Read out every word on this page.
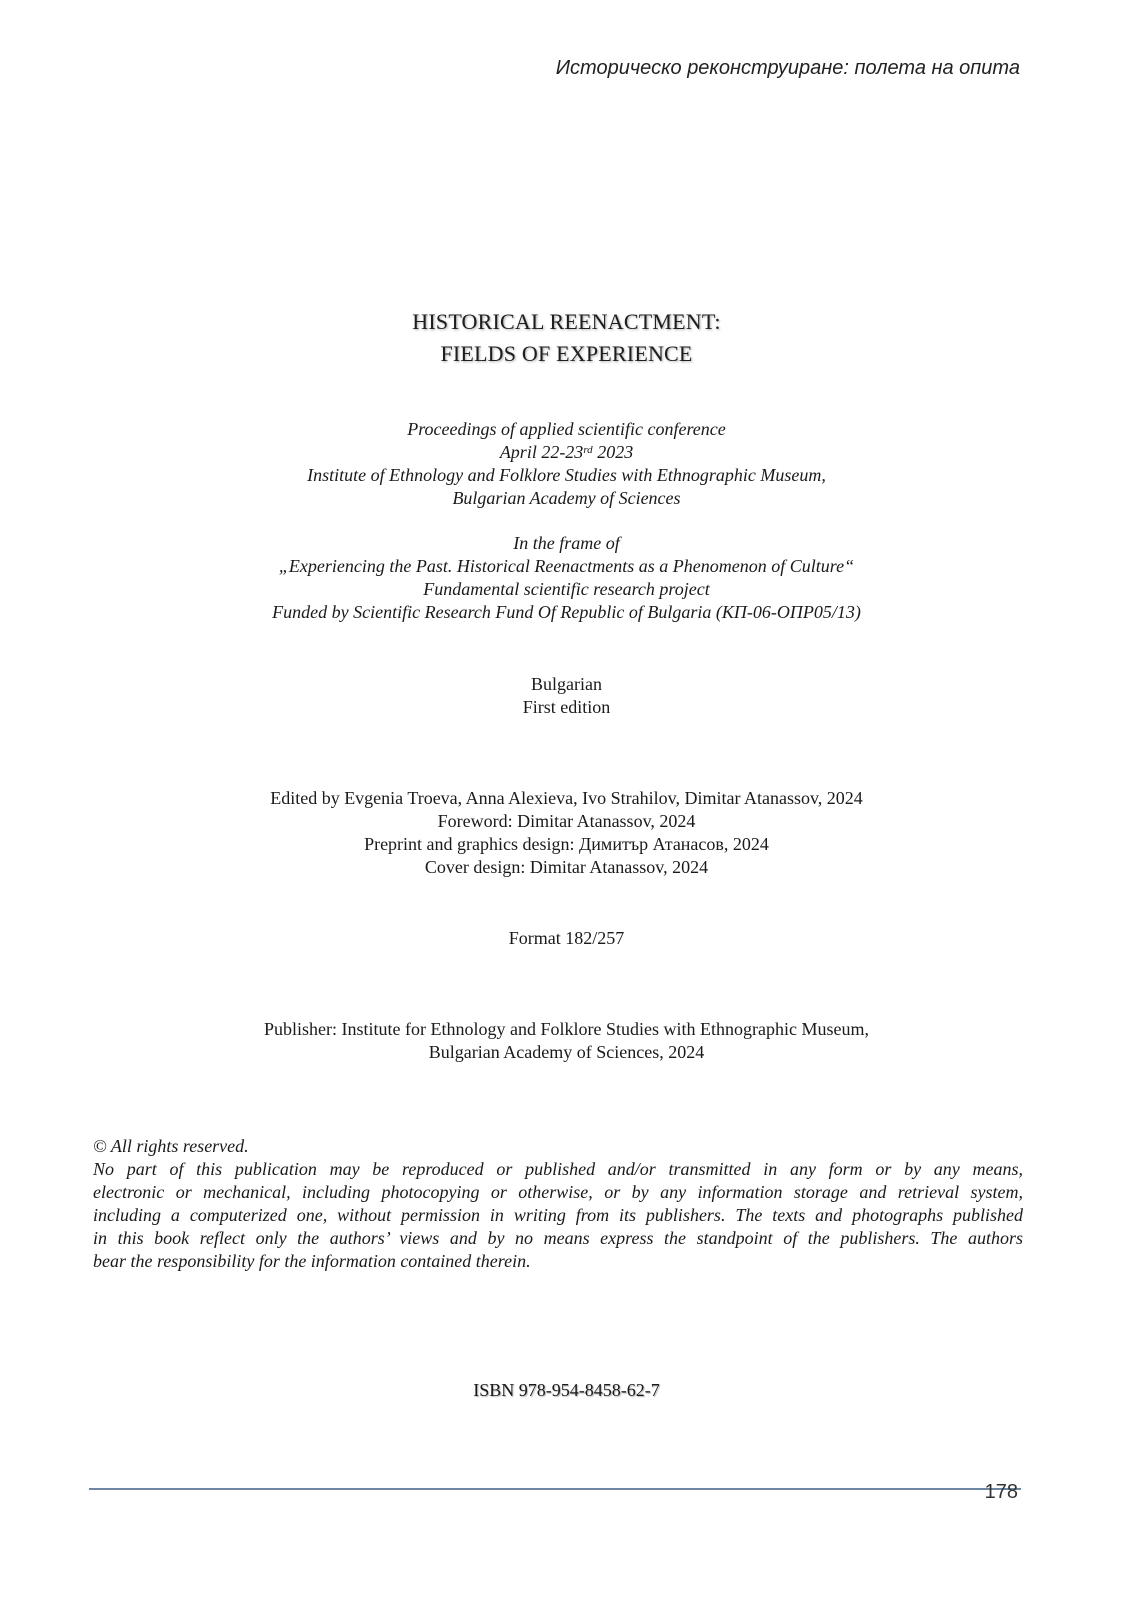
Историческо реконструиране: полета на опита
HISTORICAL REENACTMENT:
FIELDS OF EXPERIENCE
Proceedings of applied scientific conference
April 22-23rd 2023
Institute of Ethnology and Folklore Studies with Ethnographic Museum,
Bulgarian Academy of Sciences
In the frame of
„Experiencing the Past. Historical Reenactments as a Phenomenon of Culture“
Fundamental scientific research project
Funded by Scientific Research Fund Of Republic of Bulgaria (КП-06-ОПР05/13)
Bulgarian
First edition
Edited by Evgenia Troeva, Anna Alexieva, Ivo Strahilov, Dimitar Atanassov, 2024
Foreword: Dimitar Atanassov, 2024
Preprint and graphics design: Димитър Атанасов, 2024
Cover design: Dimitar Atanassov, 2024
Format 182/257
Publisher: Institute for Ethnology and Folklore Studies with Ethnographic Museum,
Bulgarian Academy of Sciences, 2024
© All rights reserved.
No part of this publication may be reproduced or published and/or transmitted in any form or by any means,
electronic or mechanical, including photocopying or otherwise, or by any information storage and retrieval system,
including a computerized one, without permission in writing from its publishers. The texts and photographs published
in this book reflect only the authors’ views and by no means express the standpoint of the publishers. The authors
bear the responsibility for the information contained therein.
ISBN 978-954-8458-62-7
178
